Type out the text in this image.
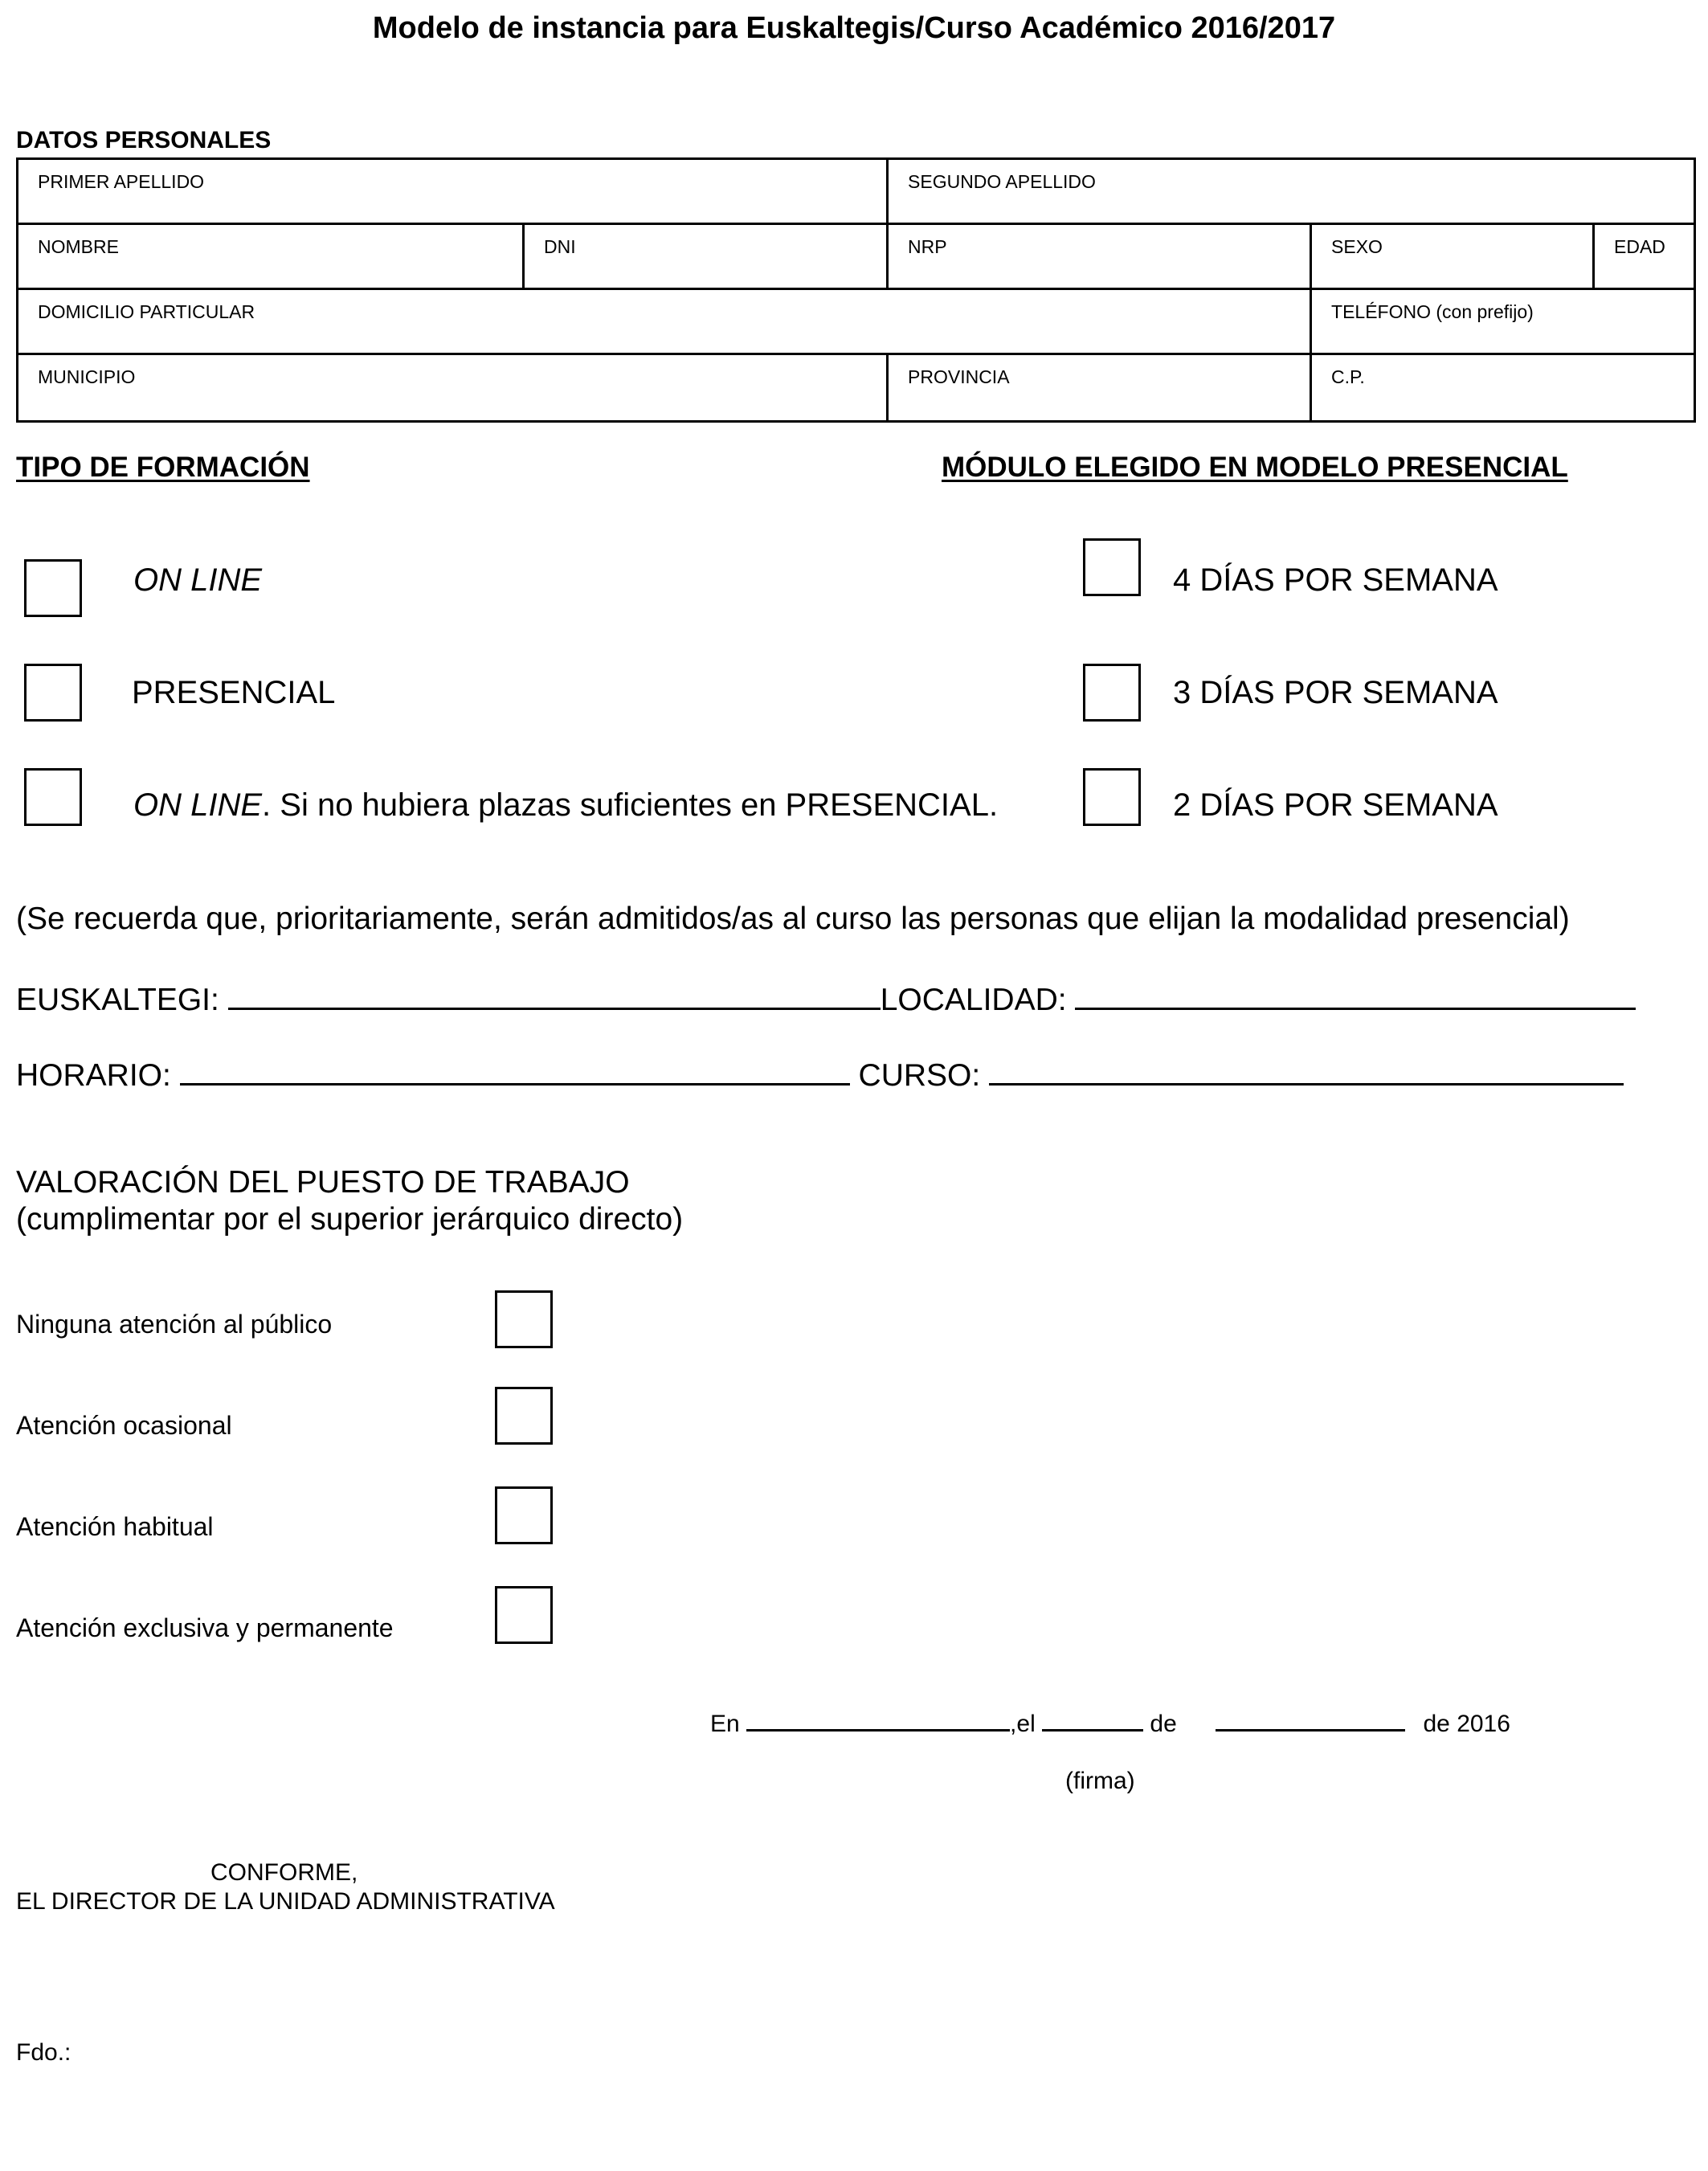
Modelo de instancia para Euskaltegis/Curso Académico 2016/2017
DATOS PERSONALES
PRIMER APELLIDO		SEGUNDO APELLIDO		
NOMBRE	DNI	NRP	SEXO	EDAD
DOMICILIO PARTICULAR			TELÉFONO (con prefijo)	
MUNICIPIO		PROVINCIA	C.P.	
TIPO DE FORMACIÓN	MÓDULO ELEGIDO EN MODELO PRESENCIAL
ON LINE
PRESENCIAL
ON LINE. Si no hubiera plazas suficientes en PRESENCIAL.
4 DÍAS POR SEMANA
3 DÍAS POR SEMANA
2 DÍAS POR SEMANA
(Se recuerda que, prioritariamente, serán admitidos/as al curso las personas que elijan la modalidad presencial)
EUSKALTEGI:	LOCALIDAD:
HORARIO:	CURSO:
VALORACIÓN DEL PUESTO DE TRABAJO
(cumplimentar por el superior jerárquico directo)
Ninguna atención al público
Atención ocasional
Atención habitual
Atención exclusiva y permanente
En	,el	de	de 2016
(firma)
CONFORME,
EL DIRECTOR DE LA UNIDAD ADMINISTRATIVA
Fdo.:
